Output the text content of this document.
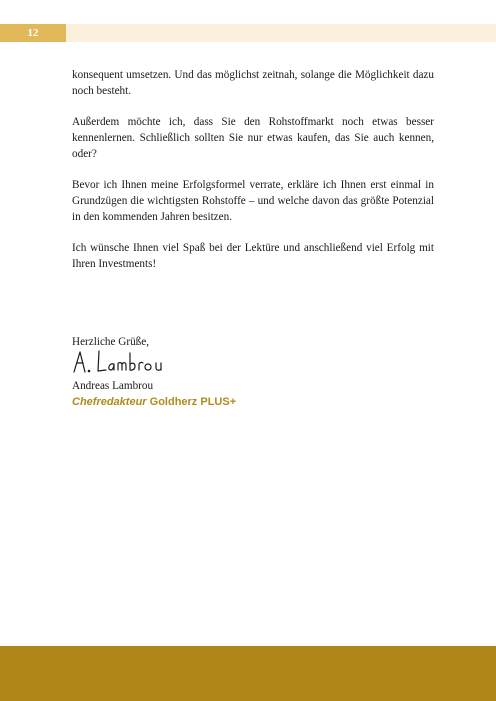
12

konsequent umsetzen. Und das möglichst zeitnah, solange die Möglichkeit dazu noch besteht.

Außerdem möchte ich, dass Sie den Rohstoffmarkt noch etwas besser kennenlernen. Schließlich sollten Sie nur etwas kaufen, das Sie auch kennen, oder?

Bevor ich Ihnen meine Erfolgsformel verrate, erkläre ich Ihnen erst einmal in Grundzügen die wichtigsten Rohstoffe – und welche davon das größte Potenzial in den kommenden Jahren besitzen.

Ich wünsche Ihnen viel Spaß bei der Lektüre und anschließend viel Erfolg mit Ihren Investments!

Herzliche Grüße,

Andreas Lambrou

Chefredakteur Goldherz PLUS+
